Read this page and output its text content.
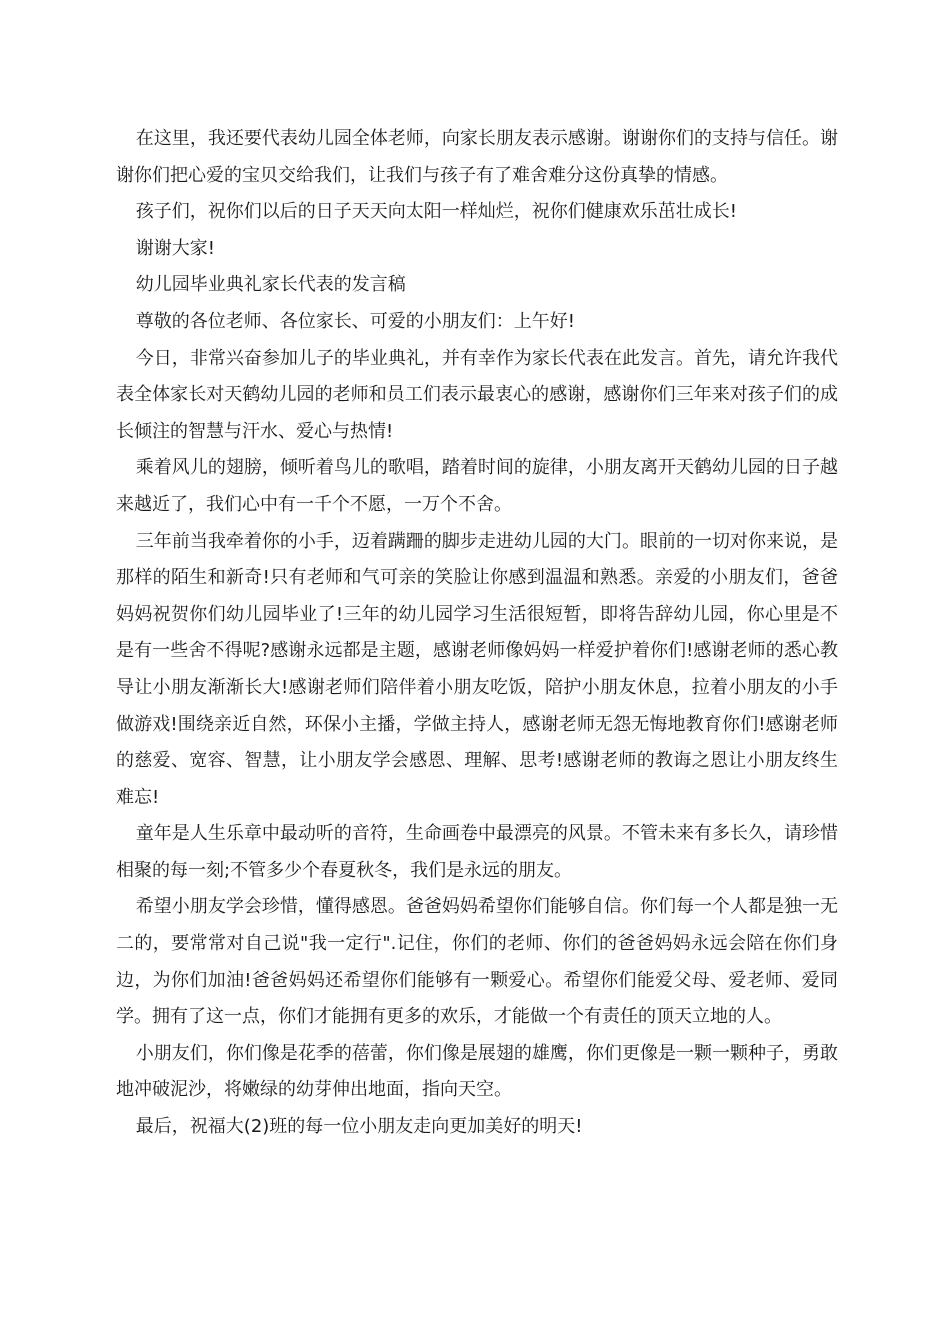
在这里，我还要代表幼儿园全体老师，向家长朋友表示感谢。谢谢你们的支持与信任。谢谢你们把心爱的宝贝交给我们，让我们与孩子有了难舍难分这份真挚的情感。

孩子们，祝你们以后的日子天天向太阳一样灿烂，祝你们健康欢乐茁壮成长!

谢谢大家!

幼儿园毕业典礼家长代表的发言稿

尊敬的各位老师、各位家长、可爱的小朋友们：上午好!

今日，非常兴奋参加儿子的毕业典礼，并有幸作为家长代表在此发言。首先，请允许我代表全体家长对天鹤幼儿园的老师和员工们表示最衷心的感谢，感谢你们三年来对孩子们的成长倾注的智慧与汗水、爱心与热情!

乘着风儿的翅膀，倾听着鸟儿的歌唱，踏着时间的旋律，小朋友离开天鹤幼儿园的日子越来越近了，我们心中有一千个不愿，一万个不舍。

三年前当我牵着你的小手，迈着蹒跚的脚步走进幼儿园的大门。眼前的一切对你来说，是那样的陌生和新奇!只有老师和气可亲的笑脸让你感到温温和熟悉。亲爱的小朋友们，爸爸妈妈祝贺你们幼儿园毕业了!三年的幼儿园学习生活很短暂，即将告辞幼儿园，你心里是不是有一些舍不得呢?感谢永远都是主题，感谢老师像妈妈一样爱护着你们!感谢老师的悉心教导让小朋友渐渐长大!感谢老师们陪伴着小朋友吃饭，陪护小朋友休息，拉着小朋友的小手做游戏!围绕亲近自然，环保小主播，学做主持人，感谢老师无怨无悔地教育你们!感谢老师的慈爱、宽容、智慧，让小朋友学会感恩、理解、思考!感谢老师的教诲之恩让小朋友终生难忘!

童年是人生乐章中最动听的音符，生命画卷中最漂亮的风景。不管未来有多长久，请珍惜相聚的每一刻;不管多少个春夏秋冬，我们是永远的朋友。

希望小朋友学会珍惜，懂得感恩。爸爸妈妈希望你们能够自信。你们每一个人都是独一无二的，要常常对自己说"我一定行".记住，你们的老师、你们的爸爸妈妈永远会陪在你们身边，为你们加油!爸爸妈妈还希望你们能够有一颗爱心。希望你们能爱父母、爱老师、爱同学。拥有了这一点，你们才能拥有更多的欢乐，才能做一个有责任的顶天立地的人。

小朋友们，你们像是花季的蓓蕾，你们像是展翅的雄鹰，你们更像是一颗一颗种子，勇敢地冲破泥沙，将嫩绿的幼芽伸出地面，指向天空。

最后，祝福大(2)班的每一位小朋友走向更加美好的明天!
